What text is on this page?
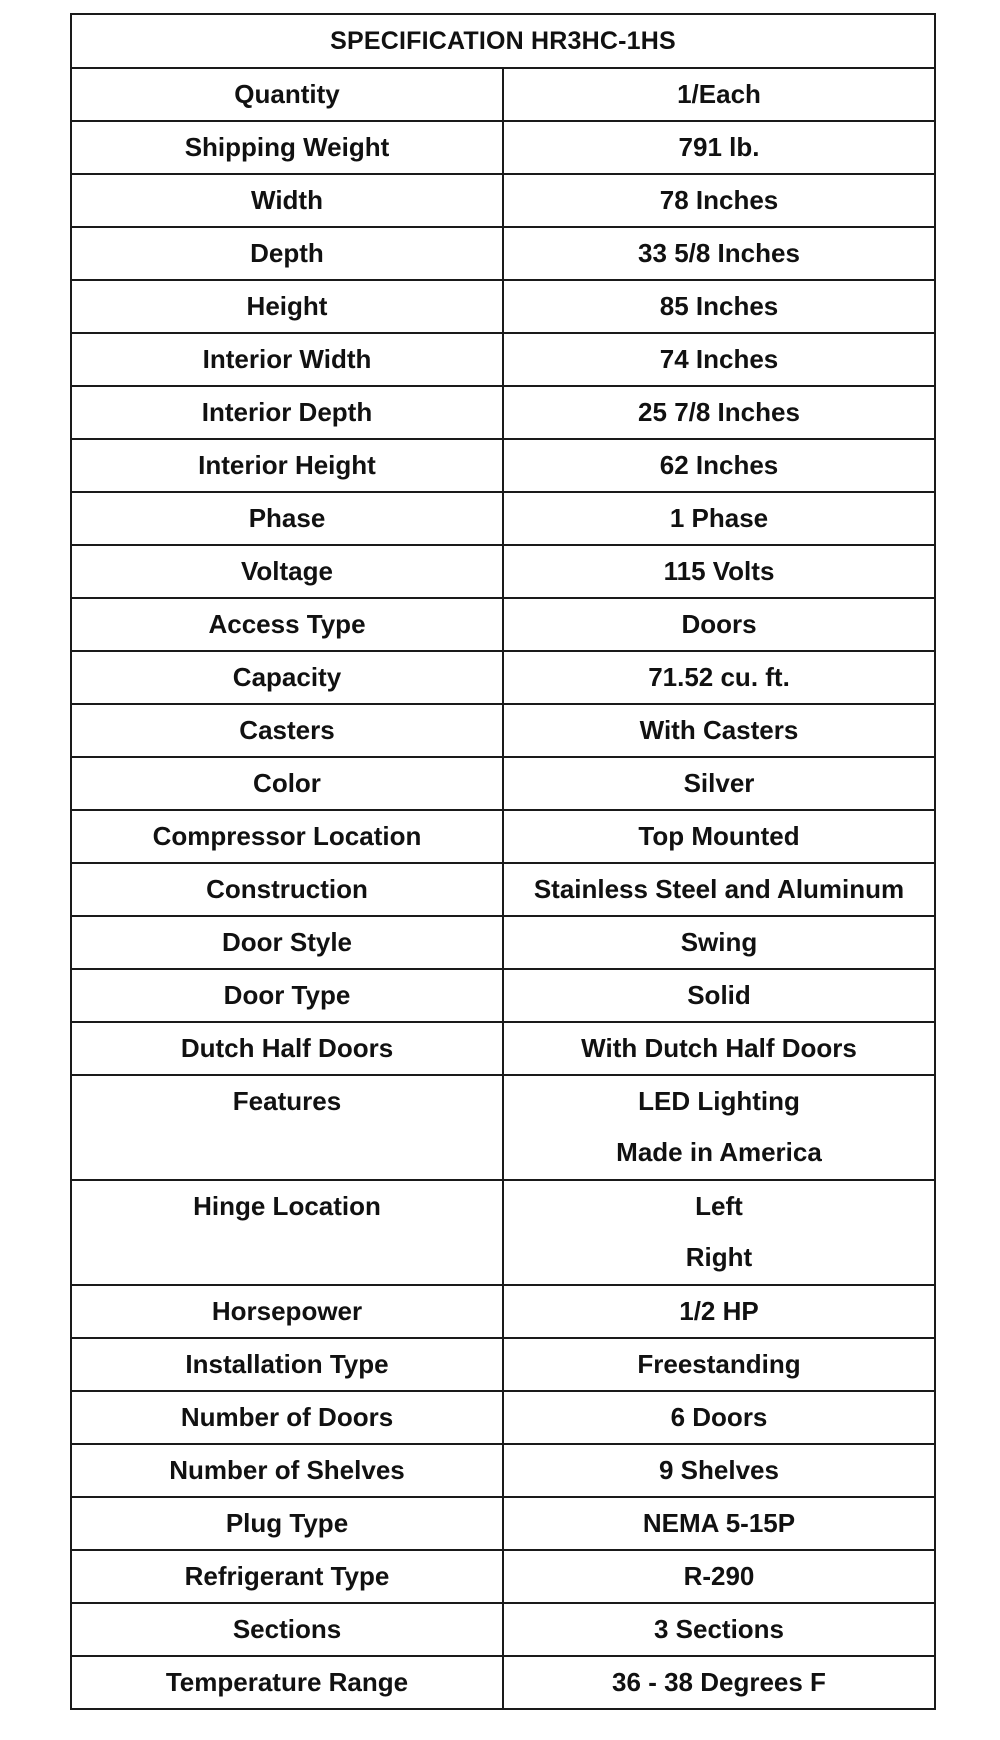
SPECIFICATION HR3HC-1HS	
Quantity	1/Each
Shipping Weight	791 lb.
Width	78 Inches
Depth	33 5/8 Inches
Height	85 Inches
Interior Width	74 Inches
Interior Depth	25 7/8 Inches
Interior Height	62 Inches
Phase	1 Phase
Voltage	115 Volts
Access Type	Doors
Capacity	71.52 cu. ft.
Casters	With Casters
Color	Silver
Compressor Location	Top Mounted
Construction	Stainless Steel and Aluminum
Door Style	Swing
Door Type	Solid
Dutch Half Doors	With Dutch Half Doors

Features	LED Lighting
Made in America

Hinge Location	Left
Right

Horsepower	1/2 HP
Installation Type	Freestanding
Number of Doors	6 Doors
Number of Shelves	9 Shelves
Plug Type	NEMA 5-15P
Refrigerant Type	R-290
Sections	3 Sections
Temperature Range	36 - 38 Degrees F
